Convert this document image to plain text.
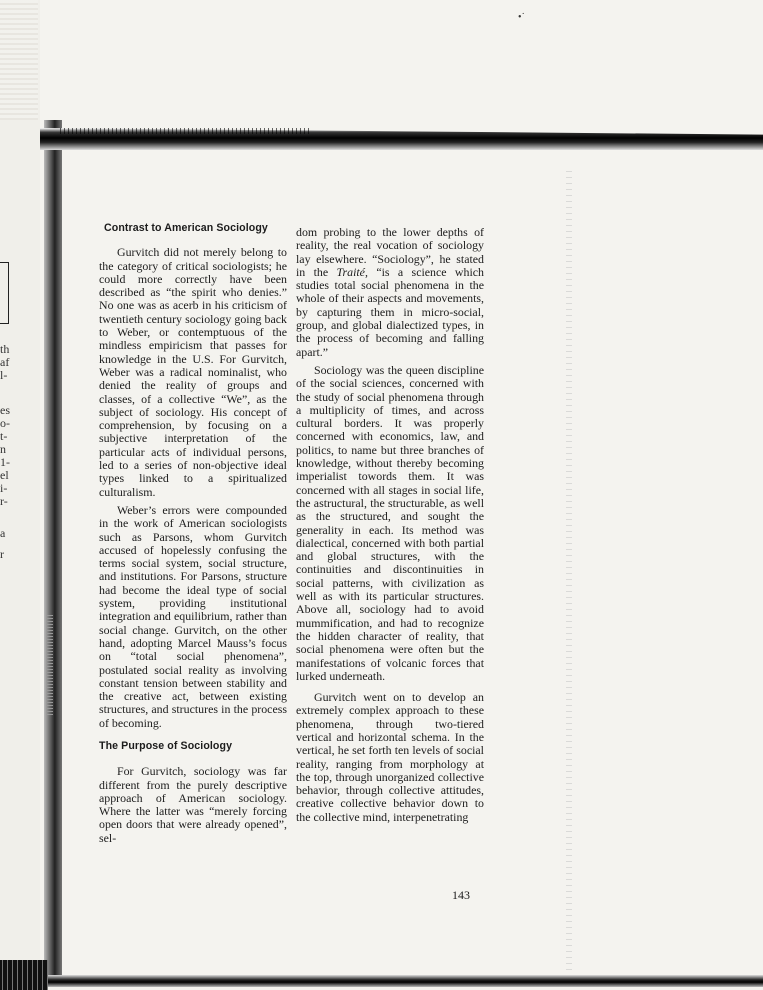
th
af
l-
es
o-
t-
n
1-
el
i-
r-
a
r
•˙
Contrast to American Sociology

Gurvitch did not merely belong to the category of critical sociologists; he could more correctly have been described as “the spirit who denies.” No one was as acerb in his criticism of twentieth century sociology going back to Weber, or contemptuous of the mindless empiricism that passes for knowledge in the U.S. For Gurvitch, Weber was a radical nominalist, who denied the reality of groups and classes, of a collective “We”, as the subject of sociology. His concept of comprehension, by focusing on a subjective interpretation of the particular acts of individual persons, led to a series of non-objective ideal types linked to a spiritualized culturalism.

Weber’s errors were compounded in the work of American sociologists such as Parsons, whom Gurvitch accused of hopelessly confusing the terms social system, social structure, and institutions. For Parsons, structure had become the ideal type of social system, providing institutional integration and equilibrium, rather than social change. Gurvitch, on the other hand, adopting Marcel Mauss’s focus on “total social phenomena”, postulated social reality as involving constant tension between stability and the creative act, between existing structures, and structures in the process of becoming.

The Purpose of Sociology

For Gurvitch, sociology was far different from the purely descriptive approach of American sociology. Where the latter was “merely forcing open doors that were already opened”, sel-

dom probing to the lower depths of reality, the real vocation of sociology lay elsewhere. “Sociology”, he stated in the Traité, “is a science which studies total social phenomena in the whole of their aspects and movements, by capturing them in micro-social, group, and global dialectized types, in the process of becoming and falling apart.”

Sociology was the queen discipline of the social sciences, concerned with the study of social phenomena through a multiplicity of times, and across cultural borders. It was properly concerned with economics, law, and politics, to name but three branches of knowledge, without thereby becoming imperialist towords them. It was concerned with all stages in social life, the astructural, the structurable, as well as the structured, and sought the generality in each. Its method was dialectical, concerned with both partial and global structures, with the continuities and discontinuities in social patterns, with civilization as well as with its particular structures. Above all, sociology had to avoid mummification, and had to recognize the hidden character of reality, that social phenomena were often but the manifestations of volcanic forces that lurked underneath.

Gurvitch went on to develop an extremely complex approach to these phenomena, through two-tiered vertical and horizontal schema. In the vertical, he set forth ten levels of social reality, ranging from morphology at the top, through unorganized collective behavior, through collective attitudes, creative collective behavior down to the collective mind, interpenetrating

143
